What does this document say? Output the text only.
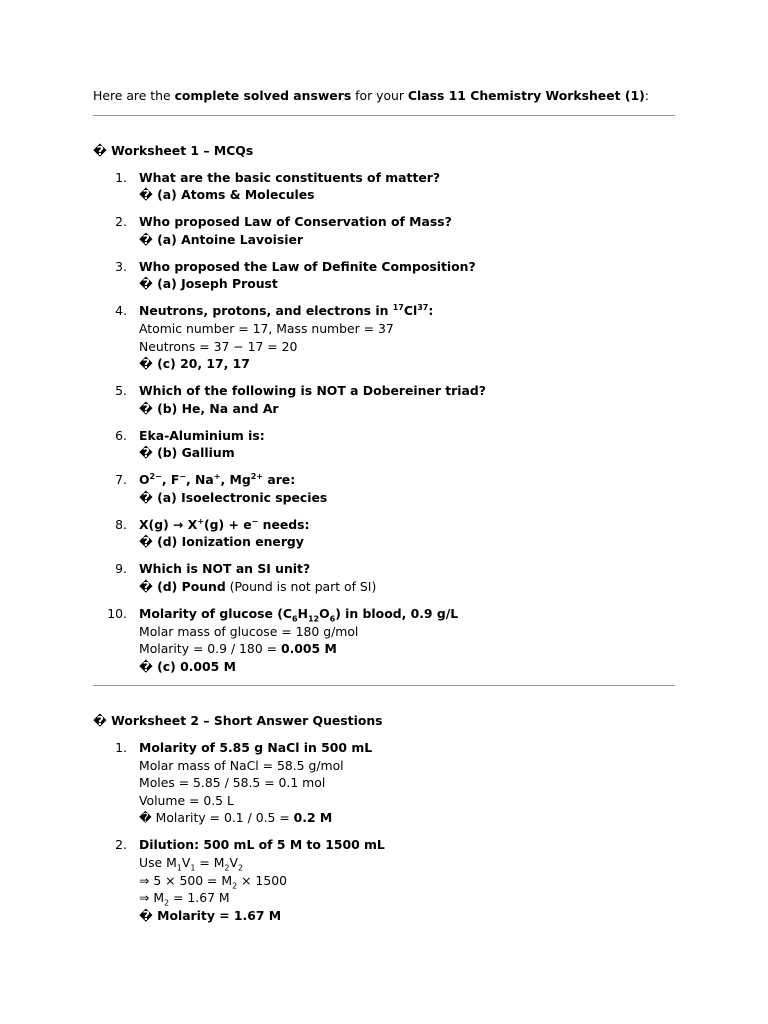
Here are the complete solved answers for your Class 11 Chemistry Worksheet (1):

� Worksheet 1 – MCQs

1. What are the basic constituents of matter?
� (a) Atoms & Molecules
2. Who proposed Law of Conservation of Mass?
� (a) Antoine Lavoisier
3. Who proposed the Law of Definite Composition?
� (a) Joseph Proust
4. Neutrons, protons, and electrons in $^{17}$Cl$^{37}$:
Atomic number = 17, Mass number = 37
Neutrons = 37 − 17 = 20
� (c) 20, 17, 17
5. Which of the following is NOT a Dobereiner triad?
� (b) He, Na and Ar
6. Eka-Aluminium is:
� (b) Gallium
7. $O^{2-}$, F−, Na+, $Mg^{2+}$ are:
� (a) Isoelectronic species
8. X(g) → X+(g) + e− needs:
� (d) Ionization energy
9. Which is NOT an SI unit?
� (d) Pound (Pound is not part of SI)
10. Molarity of glucose $(C_6H_{12}O_6)$ in blood, 0.9 g/L
Molar mass of glucose = 180 g/mol
Molarity = 0.9 / 180 = 0.005 M
� (c) 0.005 M

� Worksheet 2 – Short Answer Questions

1. Molarity of 5.85 g NaCl in 500 mL
Molar mass of NaCl = 58.5 g/mol
Moles = 5.85 / 58.5 = 0.1 mol
Volume = 0.5 L
� Molarity = 0.1 / 0.5 = 0.2 M
2. Dilution: 500 mL of 5 M to 1500 mL
Use $M_1V_1 = M_2V_2$
⇒ $5 \times 500 = M_2 \times 1500$
⇒ $M_2 = 1.67$ M
� Molarity = 1.67 M
